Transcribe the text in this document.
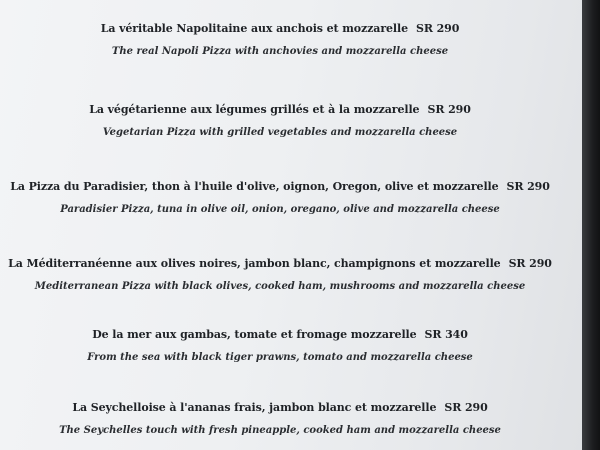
La véritable Napolitaine aux anchois et mozzarelle SR 290
The real Napoli Pizza with anchovies and mozzarella cheese
La végétarienne aux légumes grillés et à la mozzarelle SR 290
Vegetarian Pizza with grilled vegetables and mozzarella cheese
La Pizza du Paradisier, thon à l'huile d'olive, oignon, Oregon, olive et mozzarelle SR 290
Paradisier Pizza, tuna in olive oil, onion, oregano, olive and mozzarella cheese
La Méditerranéenne aux olives noires, jambon blanc, champignons et mozzarelle SR 290
Mediterranean Pizza with black olives, cooked ham, mushrooms and mozzarella cheese
De la mer aux gambas, tomate et fromage mozzarelle SR 340
From the sea with black tiger prawns, tomato and mozzarella cheese
La Seychelloise à l'ananas frais, jambon blanc et mozzarelle SR 290
The Seychelles touch with fresh pineapple, cooked ham and mozzarella cheese
